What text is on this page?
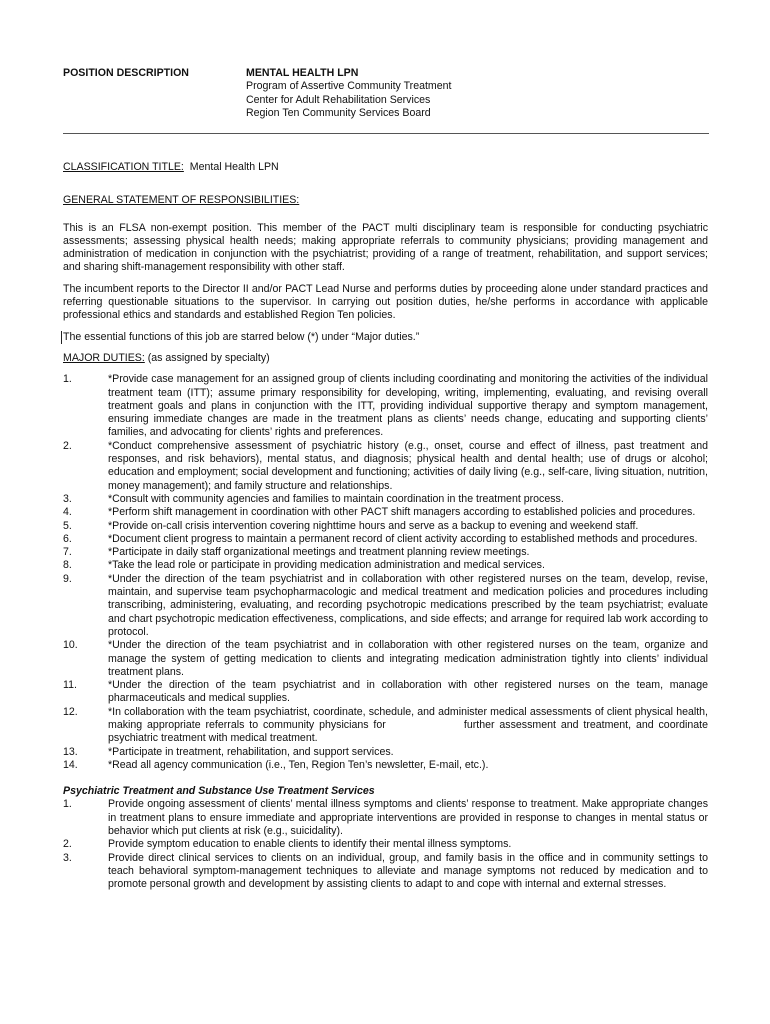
POSITION DESCRIPTION	MENTAL HEALTH LPN
Program of Assertive Community Treatment
Center for Adult Rehabilitation Services
Region Ten Community Services Board
CLASSIFICATION TITLE: Mental Health LPN
GENERAL STATEMENT OF RESPONSIBILITIES:

This is an FLSA non-exempt position. This member of the PACT multi disciplinary team is responsible for conducting psychiatric assessments; assessing physical health needs; making appropriate referrals to community physicians; providing management and administration of medication in conjunction with the psychiatrist; providing of a range of treatment, rehabilitation, and support services; and sharing shift-management responsibility with other staff.

The incumbent reports to the Director II and/or PACT Lead Nurse and performs duties by proceeding alone under standard practices and referring questionable situations to the supervisor. In carrying out position duties, he/she performs in accordance with applicable professional ethics and standards and established Region Ten policies.

The essential functions of this job are starred below (*) under “Major duties.”

MAJOR DUTIES: (as assigned by specialty)
1.	*Provide case management for an assigned group of clients including coordinating and monitoring the activities of the individual treatment team (ITT); assume primary responsibility for developing, writing, implementing, evaluating, and revising overall treatment goals and plans in conjunction with the ITT, providing individual supportive therapy and symptom management, ensuring immediate changes are made in the treatment plans as clients’ needs change, educating and supporting clients’ families, and advocating for clients’ rights and preferences.
2.	*Conduct comprehensive assessment of psychiatric history (e.g., onset, course and effect of illness, past treatment and responses, and risk behaviors), mental status, and diagnosis; physical health and dental health; use of drugs or alcohol; education and employment; social development and functioning; activities of daily living (e.g., self-care, living situation, nutrition, money management); and family structure and relationships.
3.	*Consult with community agencies and families to maintain coordination in the treatment process.
4.	*Perform shift management in coordination with other PACT shift managers according to established policies and procedures.
5.	*Provide on-call crisis intervention covering nighttime hours and serve as a backup to evening and weekend staff.
6.	*Document client progress to maintain a permanent record of client activity according to established methods and procedures.
7.	*Participate in daily staff organizational meetings and treatment planning review meetings.
8.	*Take the lead role or participate in providing medication administration and medical services.
9.	*Under the direction of the team psychiatrist and in collaboration with other registered nurses on the team, develop, revise, maintain, and supervise team psychopharmacologic and medical treatment and medication policies and procedures including transcribing, administering, evaluating, and recording psychotropic medications prescribed by the team psychiatrist; evaluate and chart psychotropic medication effectiveness, complications, and side effects; and arrange for required lab work according to protocol.
10.	*Under the direction of the team psychiatrist and in collaboration with other registered nurses on the team, organize and manage the system of getting medication to clients and integrating medication administration tightly into clients’ individual treatment plans.
11.	*Under the direction of the team psychiatrist and in collaboration with other registered nurses on the team, manage pharmaceuticals and medical supplies.
12.	*In collaboration with the team psychiatrist, coordinate, schedule, and administer medical assessments of client physical health, making appropriate referrals to community physicians for                further assessment and treatment, and coordinate psychiatric treatment with medical treatment.
13.	*Participate in treatment, rehabilitation, and support services.
14.	*Read all agency communication (i.e., Ten, Region Ten’s newsletter, E-mail, etc.).
Psychiatric Treatment and Substance Use Treatment Services
1.	Provide ongoing assessment of clients’ mental illness symptoms and clients’ response to treatment. Make appropriate changes in treatment plans to ensure immediate and appropriate interventions are provided in response to changes in mental status or behavior which put clients at risk (e.g., suicidality).
2.	Provide symptom education to enable clients to identify their mental illness symptoms.
3.	Provide direct clinical services to clients on an individual, group, and family basis in the office and in community settings to teach behavioral symptom-management techniques to alleviate and manage symptoms not reduced by medication and to promote personal growth and development by assisting clients to adapt to and cope with internal and external stresses.
